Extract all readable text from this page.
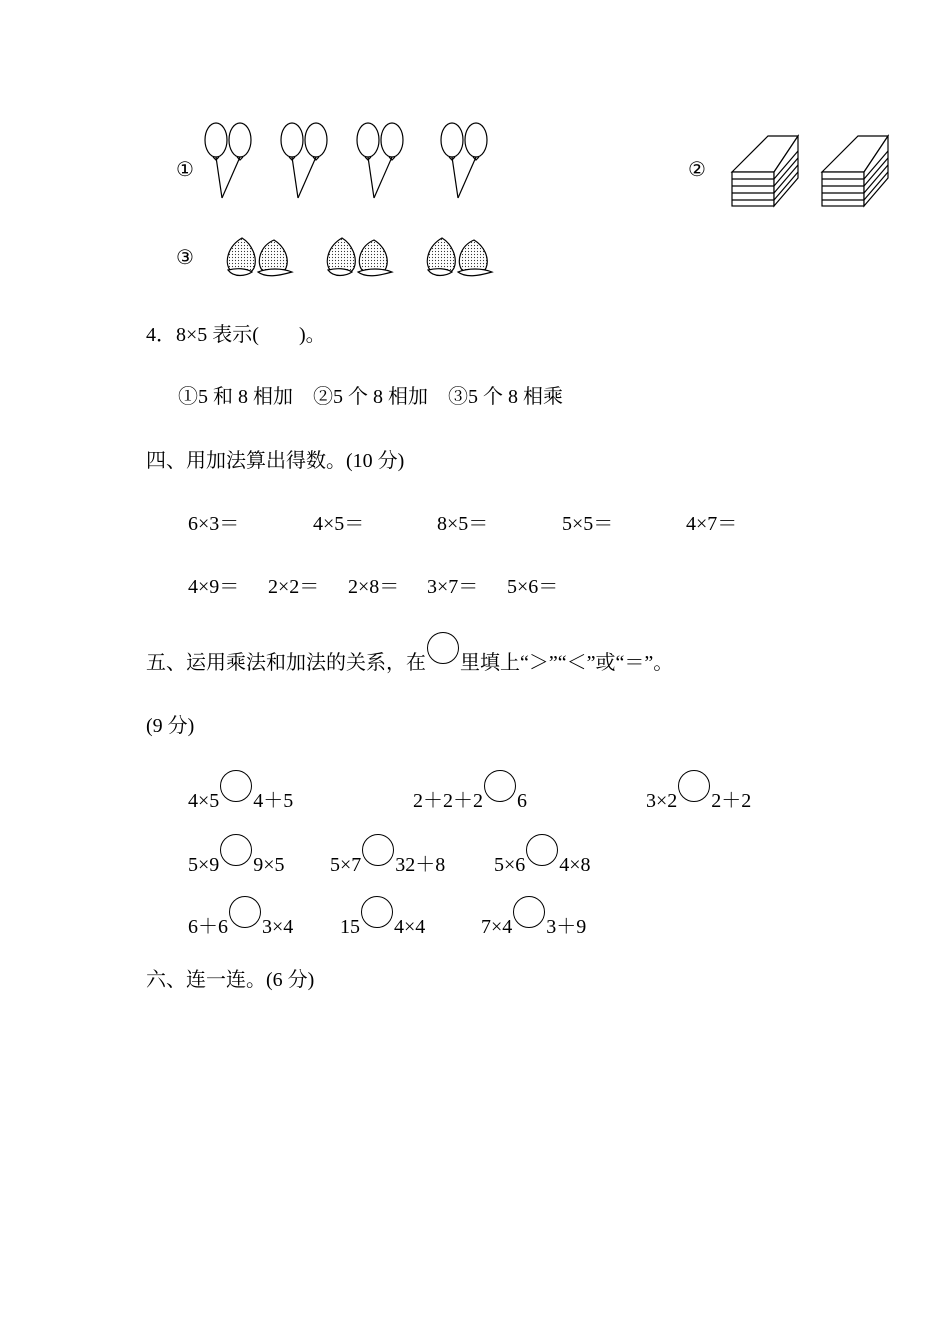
①	②
③
4．8×5 表示(　　)。
①5 和 8 相加　②5 个 8 相加　③5 个 8 相乘
四、用加法算出得数。(10 分)
6×3＝	4×5＝	8×5＝	5×5＝	4×7＝
4×9＝ 2×2＝ 2×8＝ 3×7＝ 5×6＝
五、运用乘法和加法的关系，在 里填上“＞”“＜”或“＝”。
(9 分)
4×5 4＋5	2＋2＋2 6	3×2 2＋2
5×9 9×5 5×7 32＋8 5×6 4×8
6＋6 3×4 15 4×4	7×4 3＋9
六、连一连。(6 分)
